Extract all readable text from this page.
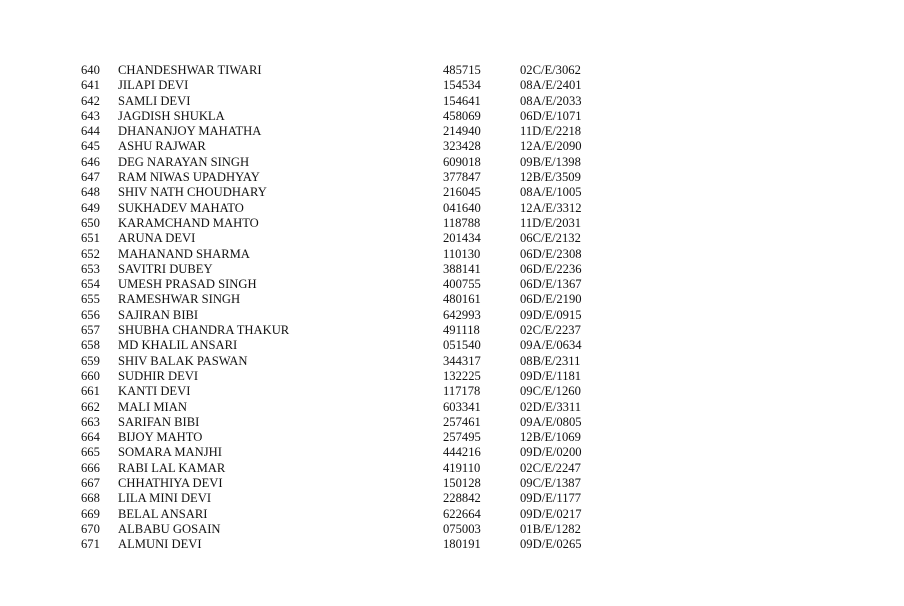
640 CHANDESHWAR TIWARI	485715	02C/E/3062
641 JILAPI DEVI	154534	08A/E/2401
642 SAMLI DEVI	154641	08A/E/2033
643 JAGDISH SHUKLA	458069	06D/E/1071
644 DHANANJOY MAHATHA	214940	11D/E/2218
645 ASHU RAJWAR	323428	12A/E/2090
646 DEG NARAYAN SINGH	609018	09B/E/1398
647 RAM NIWAS UPADHYAY	377847	12B/E/3509
648 SHIV NATH CHOUDHARY	216045	08A/E/1005
649 SUKHADEV MAHATO	041640	12A/E/3312
650 KARAMCHAND MAHTO	118788	11D/E/2031
651 ARUNA DEVI	201434	06C/E/2132
652 MAHANAND SHARMA	110130	06D/E/2308
653 SAVITRI DUBEY	388141	06D/E/2236
654 UMESH PRASAD SINGH	400755	06D/E/1367
655 RAMESHWAR SINGH	480161	06D/E/2190
656 SAJIRAN BIBI	642993	09D/E/0915
657 SHUBHA CHANDRA THAKUR	491118	02C/E/2237
658 MD KHALIL ANSARI	051540	09A/E/0634
659 SHIV BALAK PASWAN	344317	08B/E/2311
660 SUDHIR DEVI	132225	09D/E/1181
661 KANTI DEVI	117178	09C/E/1260
662 MALI MIAN	603341	02D/E/3311
663 SARIFAN BIBI	257461	09A/E/0805
664 BIJOY MAHTO	257495	12B/E/1069
665 SOMARA MANJHI	444216	09D/E/0200
666 RABI LAL KAMAR	419110	02C/E/2247
667 CHHATHIYA DEVI	150128	09C/E/1387
668 LILA MINI DEVI	228842	09D/E/1177
669 BELAL ANSARI	622664	09D/E/0217
670 ALBABU GOSAIN	075003	01B/E/1282
671 ALMUNI DEVI	180191	09D/E/0265
